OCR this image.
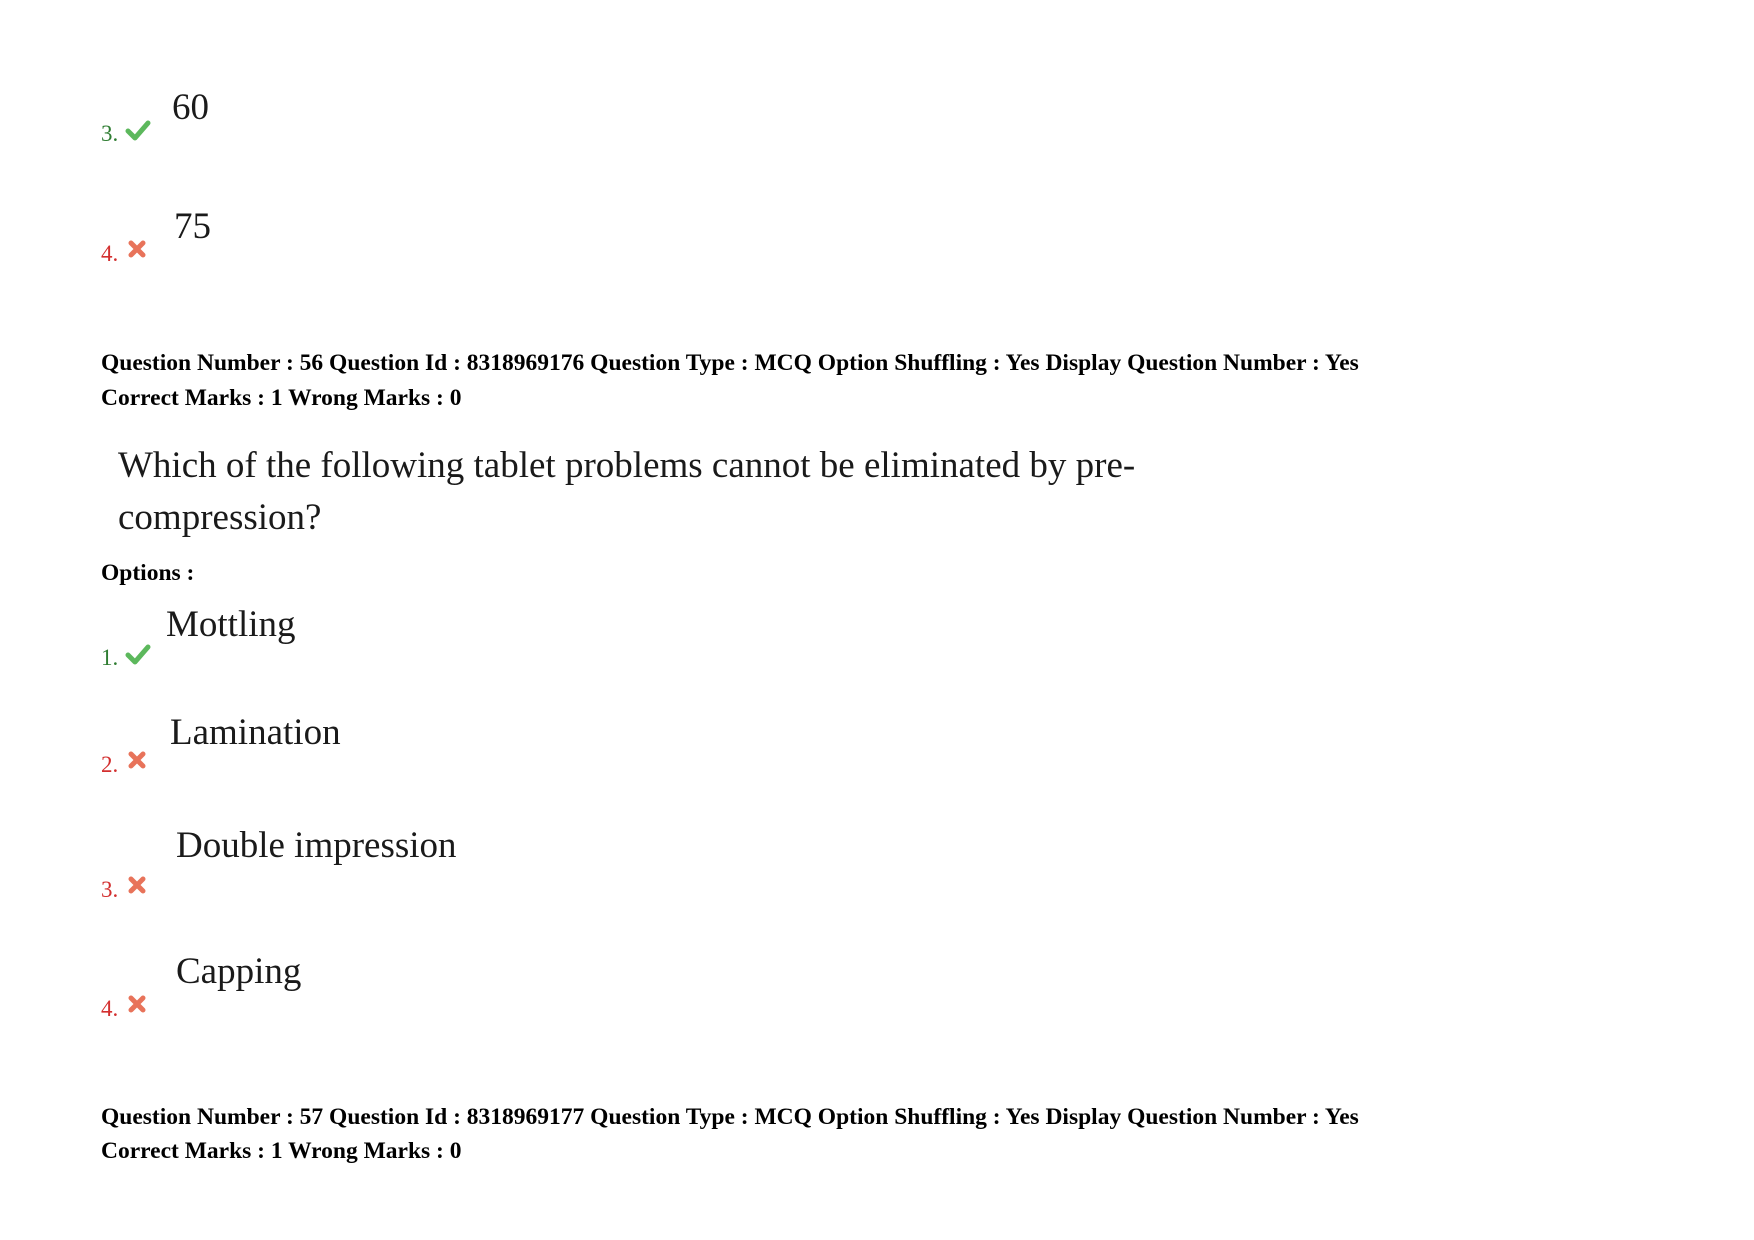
3.
60
4.
75
Question Number : 56 Question Id : 8318969176 Question Type : MCQ Option Shuffling : Yes Display Question Number : Yes
Correct Marks : 1 Wrong Marks : 0
Which of the following tablet problems cannot be eliminated by pre-
compression?
Options :
1.
Mottling
2.
Lamination
3.
Double impression
4.
Capping
Question Number : 57 Question Id : 8318969177 Question Type : MCQ Option Shuffling : Yes Display Question Number : Yes
Correct Marks : 1 Wrong Marks : 0
